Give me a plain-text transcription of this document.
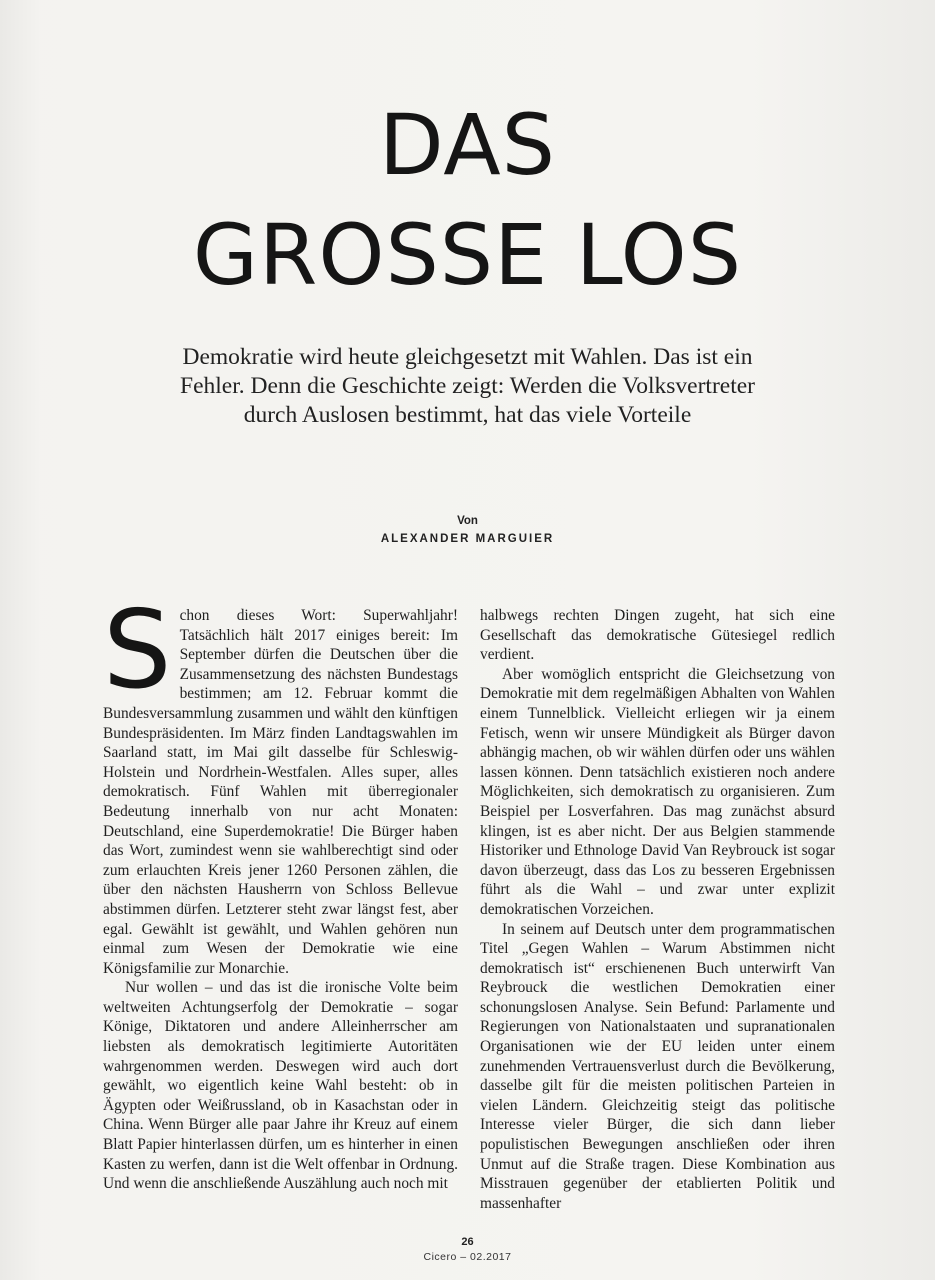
DAS
GROSSE LOS
Demokratie wird heute gleichgesetzt mit Wahlen. Das ist ein Fehler. Denn die Geschichte zeigt: Werden die Volksvertreter durch Auslosen bestimmt, hat das viele Vorteile
Von
ALEXANDER MARGUIER

Schon dieses Wort: Superwahljahr! Tatsächlich hält 2017 einiges bereit: Im September dürfen die Deutschen über die Zusammensetzung des nächsten Bundestags bestimmen; am 12. Februar kommt die Bundesversammlung zusammen und wählt den künftigen Bundespräsidenten. Im März finden Landtagswahlen im Saarland statt, im Mai gilt dasselbe für Schleswig-Holstein und Nordrhein-Westfalen. Alles super, alles demokratisch. Fünf Wahlen mit überregionaler Bedeutung innerhalb von nur acht Monaten: Deutschland, eine Superdemokratie! Die Bürger haben das Wort, zumindest wenn sie wahlberechtigt sind oder zum erlauchten Kreis jener 1260 Personen zählen, die über den nächsten Hausherrn von Schloss Bellevue abstimmen dürfen. Letzterer steht zwar längst fest, aber egal. Gewählt ist gewählt, und Wahlen gehören nun einmal zum Wesen der Demokratie wie eine Königsfamilie zur Monarchie.

Nur wollen – und das ist die ironische Volte beim weltweiten Achtungserfolg der Demokratie – sogar Könige, Diktatoren und andere Alleinherrscher am liebsten als demokratisch legitimierte Autoritäten wahrgenommen werden. Deswegen wird auch dort gewählt, wo eigentlich keine Wahl besteht: ob in Ägypten oder Weißrussland, ob in Kasachstan oder in China. Wenn Bürger alle paar Jahre ihr Kreuz auf einem Blatt Papier hinterlassen dürfen, um es hinterher in einen Kasten zu werfen, dann ist die Welt offenbar in Ordnung. Und wenn die anschließende Auszählung auch noch mit

halbwegs rechten Dingen zugeht, hat sich eine Gesellschaft das demokratische Gütesiegel redlich verdient.

Aber womöglich entspricht die Gleichsetzung von Demokratie mit dem regelmäßigen Abhalten von Wahlen einem Tunnelblick. Vielleicht erliegen wir ja einem Fetisch, wenn wir unsere Mündigkeit als Bürger davon abhängig machen, ob wir wählen dürfen oder uns wählen lassen können. Denn tatsächlich existieren noch andere Möglichkeiten, sich demokratisch zu organisieren. Zum Beispiel per Losverfahren. Das mag zunächst absurd klingen, ist es aber nicht. Der aus Belgien stammende Historiker und Ethnologe David Van Reybrouck ist sogar davon überzeugt, dass das Los zu besseren Ergebnissen führt als die Wahl – und zwar unter explizit demokratischen Vorzeichen.

In seinem auf Deutsch unter dem programmatischen Titel „Gegen Wahlen – Warum Abstimmen nicht demokratisch ist“ erschienenen Buch unterwirft Van Reybrouck die westlichen Demokratien einer schonungslosen Analyse. Sein Befund: Parlamente und Regierungen von Nationalstaaten und supranationalen Organisationen wie der EU leiden unter einem zunehmenden Vertrauensverlust durch die Bevölkerung, dasselbe gilt für die meisten politischen Parteien in vielen Ländern. Gleichzeitig steigt das politische Interesse vieler Bürger, die sich dann lieber populistischen Bewegungen anschließen oder ihren Unmut auf die Straße tragen. Diese Kombination aus Misstrauen gegenüber der etablierten Politik und massenhafter

26
Cicero – 02.2017
